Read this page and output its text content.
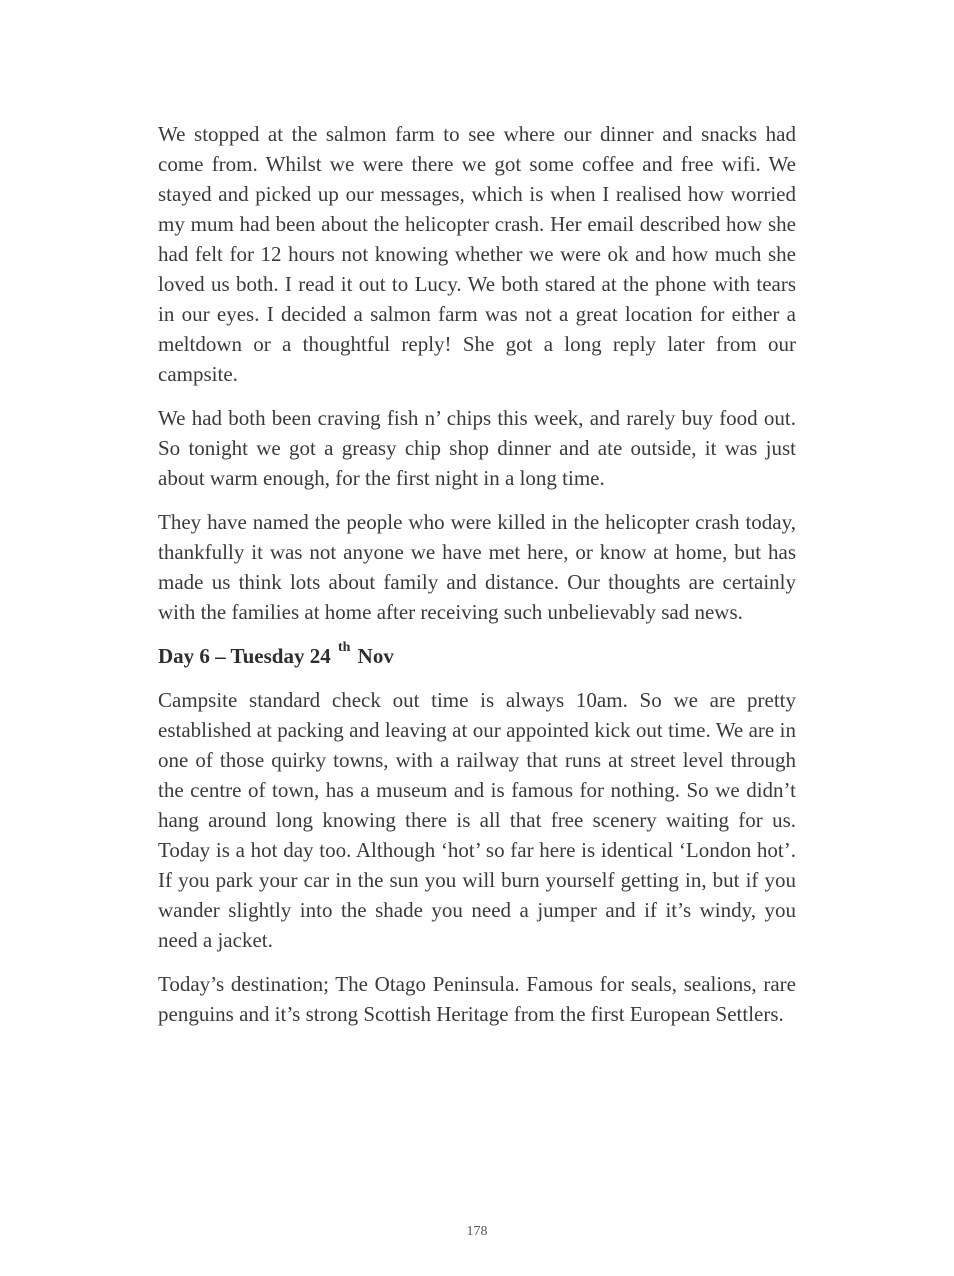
We stopped at the salmon farm to see where our dinner and snacks had come from. Whilst we were there we got some coffee and free wifi. We stayed and picked up our messages, which is when I realised how worried my mum had been about the helicopter crash. Her email described how she had felt for 12 hours not knowing whether we were ok and how much she loved us both. I read it out to Lucy. We both stared at the phone with tears in our eyes. I decided a salmon farm was not a great location for either a meltdown or a thoughtful reply! She got a long reply later from our campsite.

We had both been craving fish n’ chips this week, and rarely buy food out. So tonight we got a greasy chip shop dinner and ate outside, it was just about warm enough, for the first night in a long time.

They have named the people who were killed in the helicopter crash today, thankfully it was not anyone we have met here, or know at home, but has made us think lots about family and distance. Our thoughts are certainly with the families at home after receiving such unbelievably sad news.

Day 6 – Tuesday 24 $^{th}$ Nov

Campsite standard check out time is always 10am. So we are pretty established at packing and leaving at our appointed kick out time. We are in one of those quirky towns, with a railway that runs at street level through the centre of town, has a museum and is famous for nothing. So we didn’t hang around long knowing there is all that free scenery waiting for us. Today is a hot day too. Although ‘hot’ so far here is identical ‘London hot’. If you park your car in the sun you will burn yourself getting in, but if you wander slightly into the shade you need a jumper and if it’s windy, you need a jacket.

Today’s destination; The Otago Peninsula. Famous for seals, sealions, rare penguins and it’s strong Scottish Heritage from the first European Settlers.

178
